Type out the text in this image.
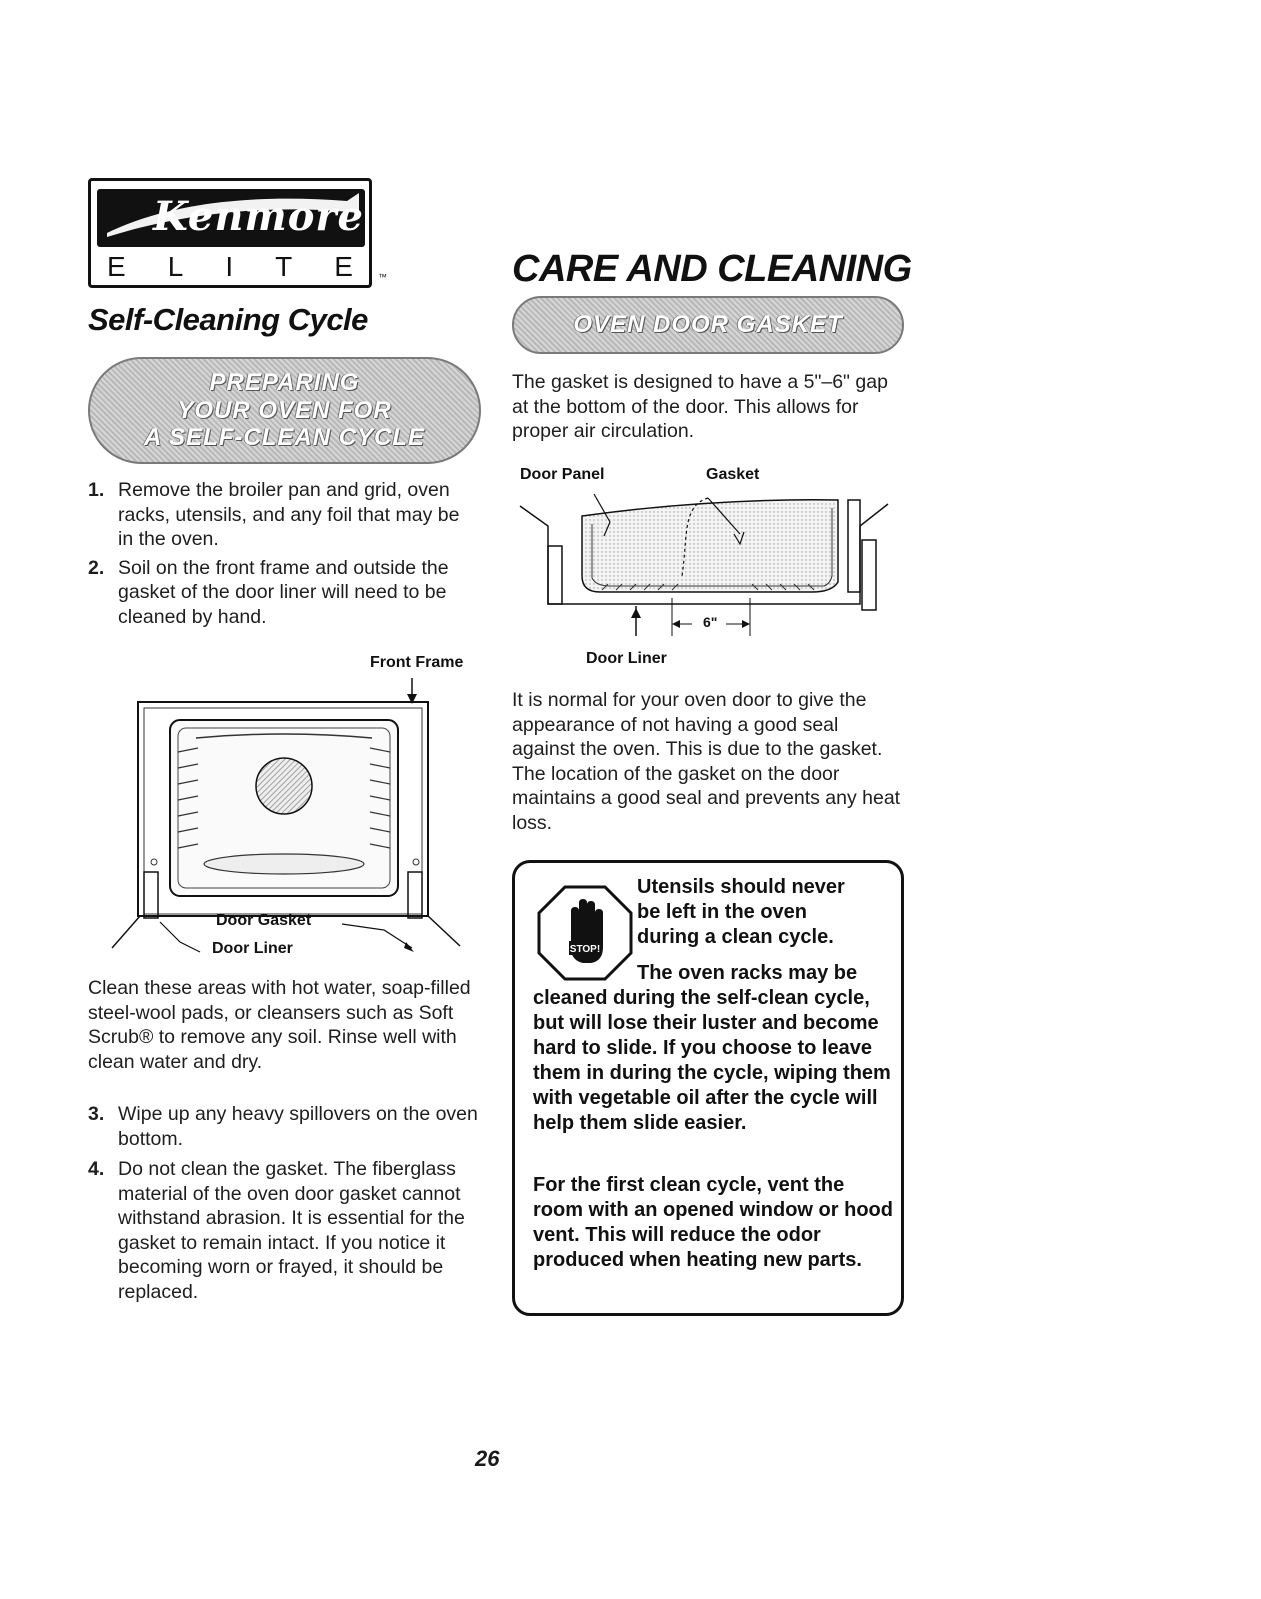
Kenmore
E L I T E	™	CARE AND CLEANING
Self-Cleaning Cycle
PREPARING
YOUR OVEN FOR
A SELF-CLEAN CYCLE
1. Remove the broiler pan and grid, oven racks, utensils, and any foil that may be in the oven.
2. Soil on the front frame and outside the gasket of the door liner will need to be cleaned by hand.
Front Frame
Door Gasket
Door Liner
Clean these areas with hot water, soap-filled steel-wool pads, or cleansers such as Soft Scrub® to remove any soil. Rinse well with clean water and dry.
3. Wipe up any heavy spillovers on the oven bottom.
4. Do not clean the gasket. The fiberglass material of the oven door gasket cannot withstand abrasion. It is essential for the gasket to remain intact. If you notice it becoming worn or frayed, it should be replaced.
OVEN DOOR GASKET
The gasket is designed to have a 5"–6" gap at the bottom of the door. This allows for proper air circulation.
Door Panel	Gasket
6"
Door Liner
It is normal for your oven door to give the appearance of not having a good seal against the oven. This is due to the gasket. The location of the gasket on the door maintains a good seal and prevents any heat loss.
STOP!
Utensils should never
be left in the oven
during a clean cycle.
The oven racks may be
cleaned during the self-clean cycle, but will lose their luster and become hard to slide. If you choose to leave them in during the cycle, wiping them with vegetable oil after the cycle will help them slide easier.
For the first clean cycle, vent the room with an opened window or hood vent. This will reduce the odor produced when heating new parts.
26
